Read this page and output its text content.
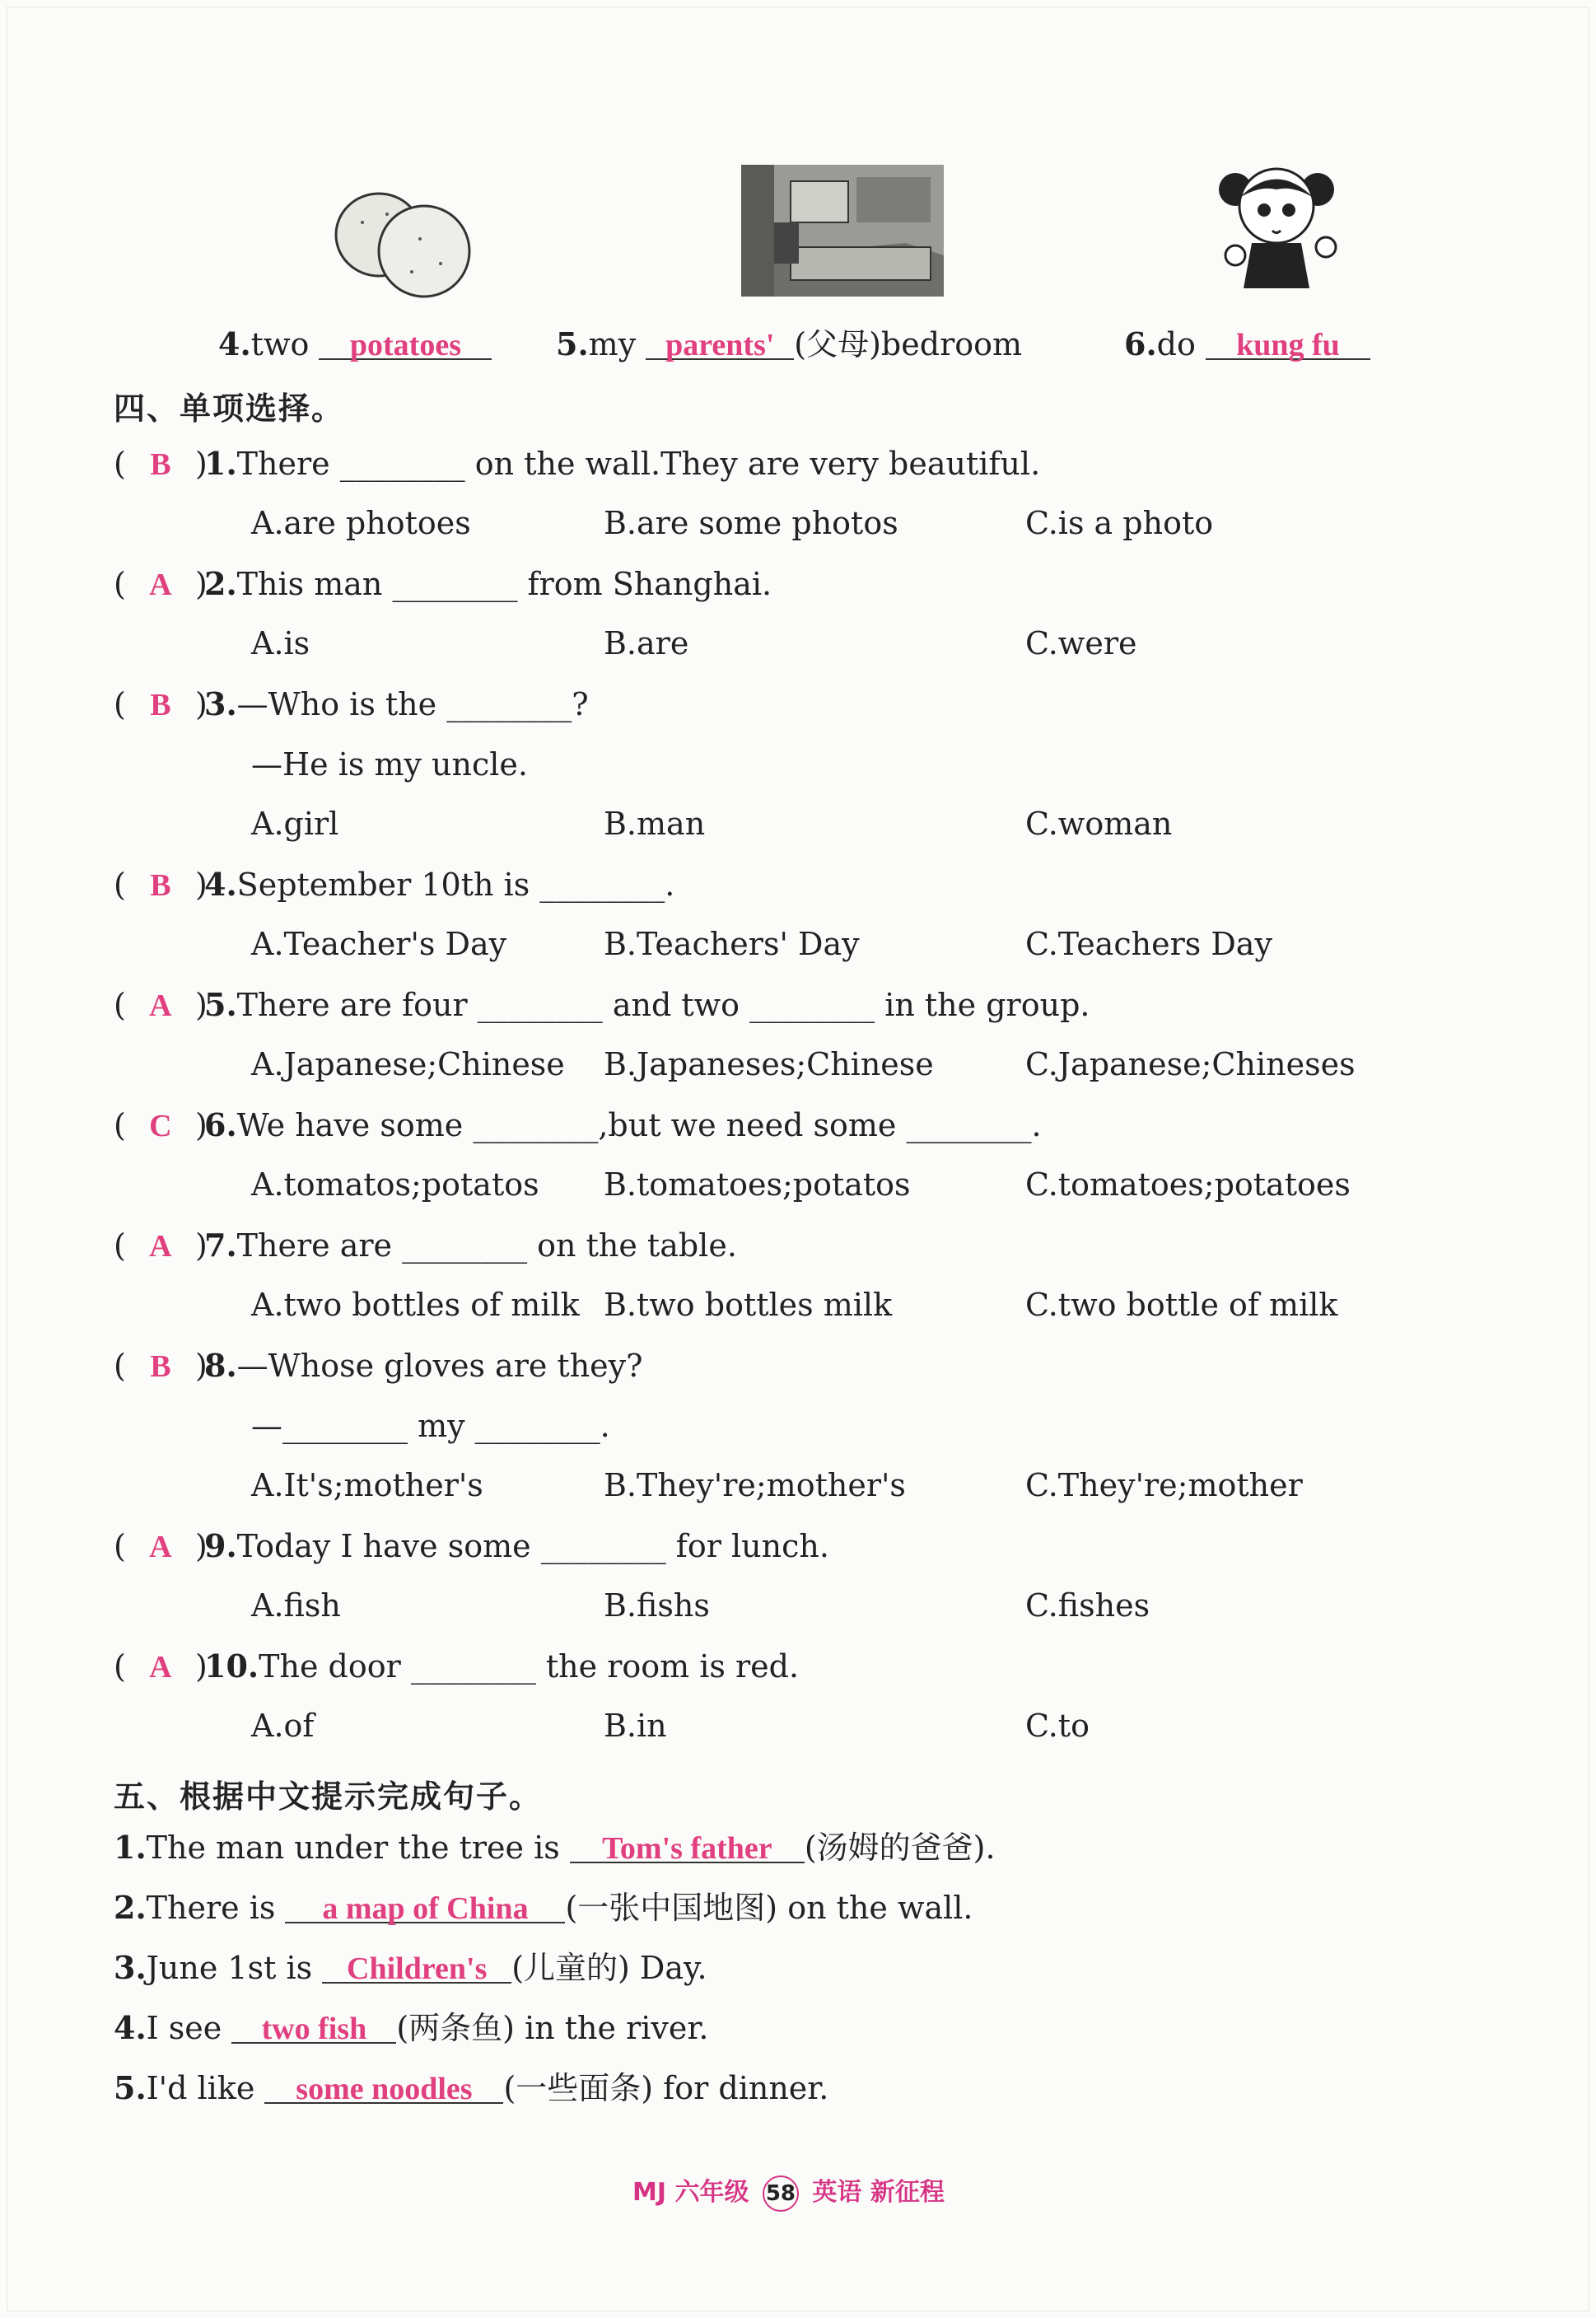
4.two potatoes	5.my parents' (父母)bedroom	6.do kung fu
四、单项选择。
( B )1.There ________ on the wall.They are very beautiful.
A.are photoes	B.are some photos	C.is a photo
( A )2.This man ________ from Shanghai.
A.is	B.are	C.were
( B )3.—Who is the ________?
—He is my uncle.
A.girl	B.man	C.woman
( B )4.September 10th is ________.
A.Teacher's Day	B.Teachers' Day	C.Teachers Day
( A )5.There are four ________ and two ________ in the group.
A.Japanese;Chinese B.Japaneses;Chinese	C.Japanese;Chineses
( C )6.We have some ________,but we need some ________.
A.tomatos;potatos B.tomatoes;potatos	C.tomatoes;potatoes
( A )7.There are ________ on the table.
A.two bottles of milk B.two bottles milk	C.two bottle of milk
( B )8.—Whose gloves are they?
—________ my ________.
A.It's;mother's	B.They're;mother's	C.They're;mother
( A )9.Today I have some ________ for lunch.
A.fish	B.fishs	C.fishes
( A )10.The door ________ the room is red.
A.of	B.in	C.to
五、根据中文提示完成句子。
1.The man under the tree is Tom's father (汤姆的爸爸).
2.There is a map of China (一张中国地图) on the wall.
3.June 1st is Children's (儿童的) Day.
4.I see two fish (两条鱼) in the river.
5.I'd like some noodles (一些面条) for dinner.
MJ 六年级 58 英语 新征程
